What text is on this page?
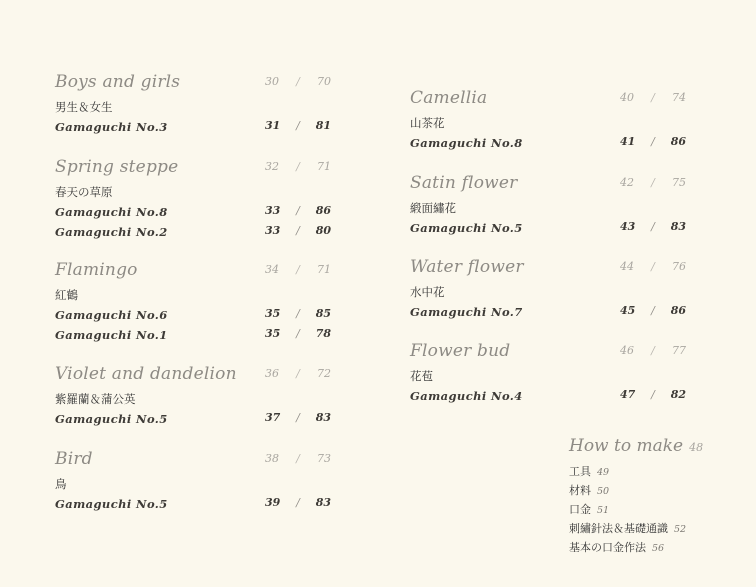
Boys and girls	30 / 70
男生＆女生
Gamaguchi No.3	31 / 81
Spring steppe	32 / 71
春天の草原
Gamaguchi No.8	33 / 86
Gamaguchi No.2	33 / 80
Flamingo	34 / 71
紅鶴
Gamaguchi No.6	35 / 85
Gamaguchi No.1	35 / 78
Violet and dandelion	36 / 72
紫羅蘭＆蒲公英
Gamaguchi No.5	37 / 83
Bird	38 / 73
鳥
Gamaguchi No.5	39 / 83
Camellia	40 / 74
山茶花
Gamaguchi No.8	41 / 86
Satin flower	42 / 75
緞面繡花
Gamaguchi No.5	43 / 83
Water flower	44 / 76
水中花
Gamaguchi No.7	45 / 86
Flower bud	46 / 77
花苞
Gamaguchi No.4	47 / 82
How to make 48
工具 49
材料 50
口金 51
刺繡針法＆基礎通識 52
基本の口金作法 56
